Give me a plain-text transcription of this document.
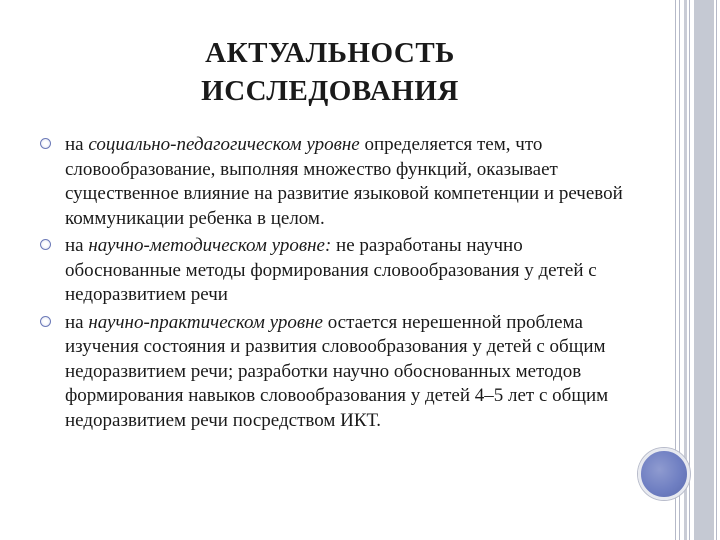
АКТУАЛЬНОСТЬ
ИССЛЕДОВАНИЯ
на социально-педагогическом уровне определяется тем, что словообразование, выполняя множество функций, оказывает существенное влияние на развитие языковой компетенции и речевой коммуникации ребенка в целом.
на научно-методическом уровне: не разработаны научно обоснованные методы формирования словообразования у детей с недоразвитием речи
на научно-практическом уровне остается нерешенной проблема изучения состояния и развития словообразования у детей с общим недоразвитием речи; разработки научно обоснованных методов формирования навыков словообразования у детей 4–5 лет с общим недоразвитием речи посредством ИКТ.
